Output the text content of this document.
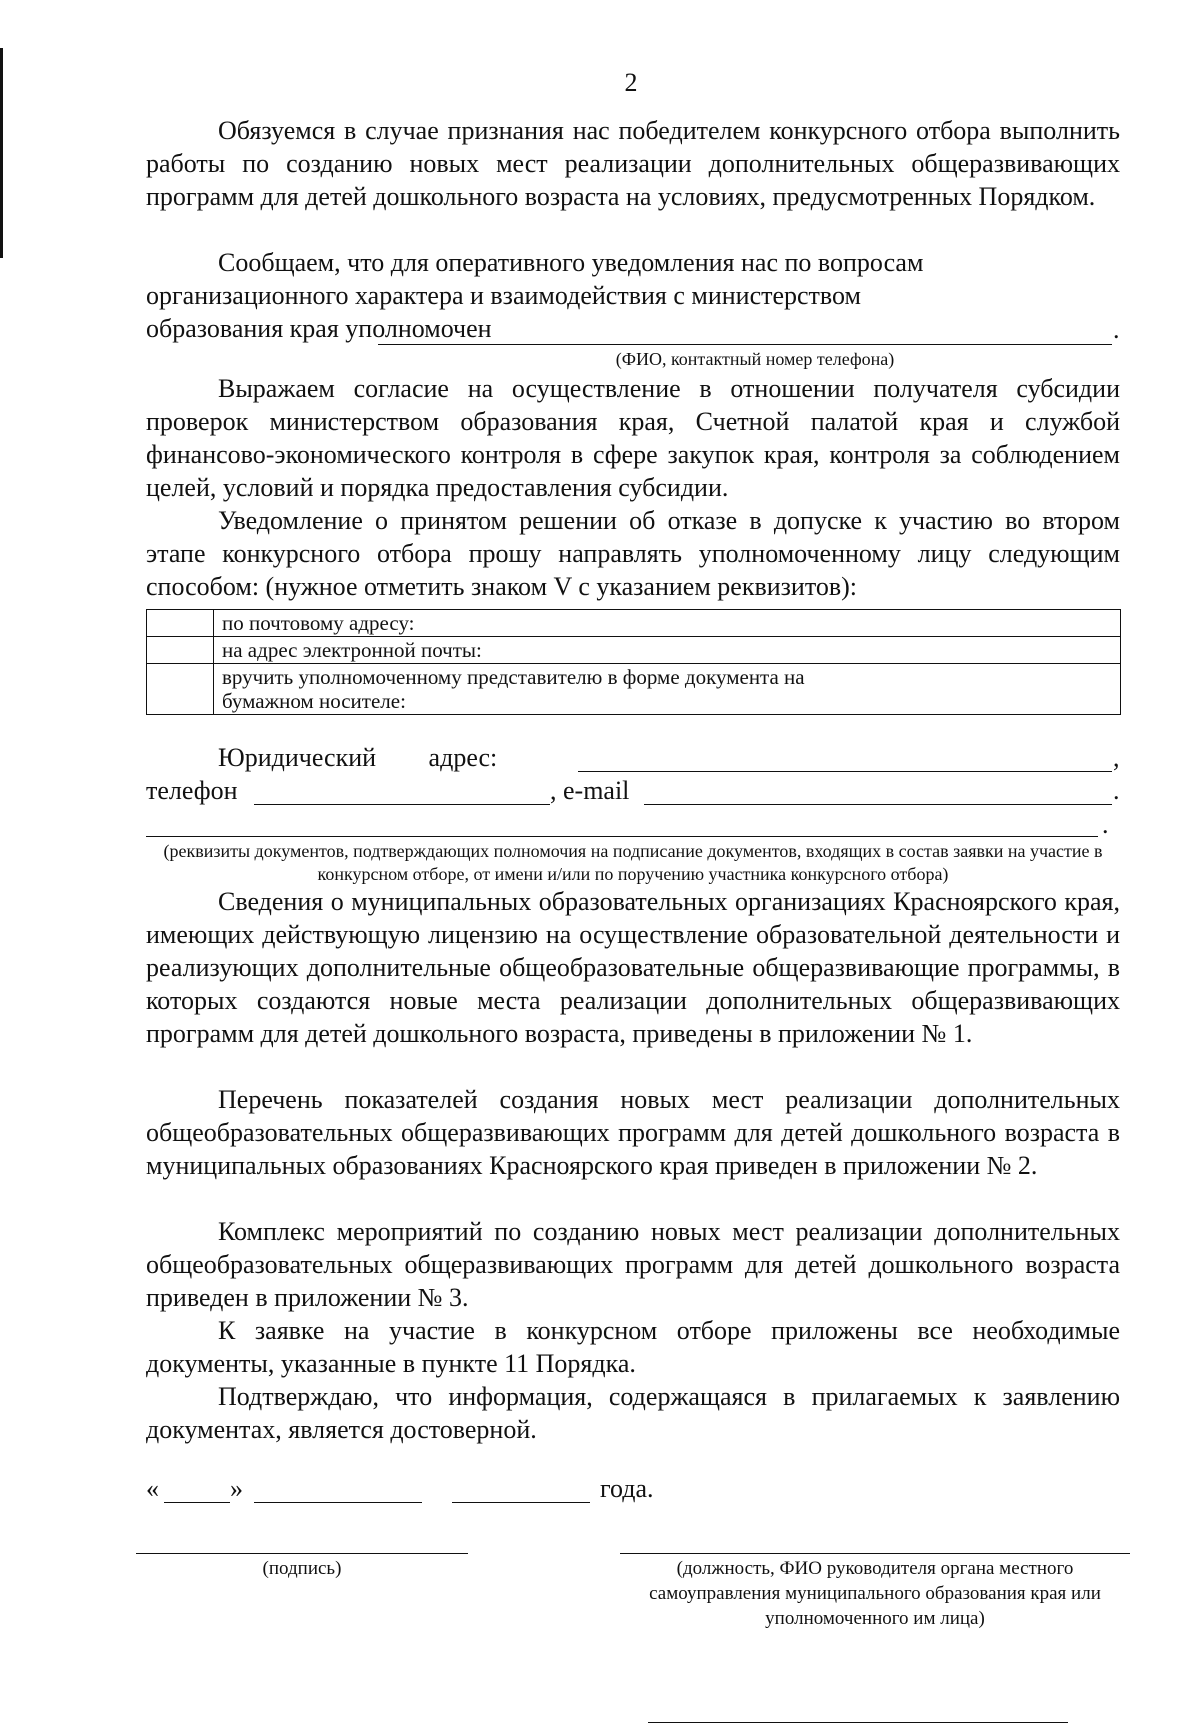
2
Обязуемся в случае признания нас победителем конкурсного отбора выполнить работы по созданию новых мест реализации дополнительных общеразвивающих программ для детей дошкольного возраста на условиях, предусмотренных Порядком.
Сообщаем, что для оперативного уведомления нас по вопросам организационного характера и взаимодействия с министерством образования края уполномочен	.
(ФИО, контактный номер телефона)
Выражаем согласие на осуществление в отношении получателя субсидии проверок министерством образования края, Счетной палатой края и службой финансово-экономического контроля в сфере закупок края, контроля за соблюдением целей, условий и порядка предоставления субсидии.
Уведомление о принятом решении об отказе в допуске к участию во втором этапе конкурсного отбора прошу направлять уполномоченному лицу следующим способом: (нужное отметить знаком V с указанием реквизитов):
	по почтовому адресу:
	на адрес электронной почты:
	вручить уполномоченному представителю в форме документа на бумажном носителе:
Юридический адрес:	,
телефон	, e-mail	.
.
(реквизиты документов, подтверждающих полномочия на подписание документов, входящих в состав заявки на участие в конкурсном отборе, от имени и/или по поручению участника конкурсного отбора)
Сведения о муниципальных образовательных организациях Красноярского края, имеющих действующую лицензию на осуществление образовательной деятельности и реализующих дополнительные общеобразовательные общеразвивающие программы, в которых создаются новые места реализации дополнительных общеразвивающих программ для детей дошкольного возраста, приведены в приложении № 1.
Перечень показателей создания новых мест реализации дополнительных общеобразовательных общеразвивающих программ для детей дошкольного возраста в муниципальных образованиях Красноярского края приведен в приложении № 2.
Комплекс мероприятий по созданию новых мест реализации дополнительных общеобразовательных общеразвивающих программ для детей дошкольного возраста приведен в приложении № 3.
К заявке на участие в конкурсном отборе приложены все необходимые документы, указанные в пункте 11 Порядка.
Подтверждаю, что информация, содержащаяся в прилагаемых к заявлению документах, является достоверной.
«	»	года.
(подпись)	(должность, ФИО руководителя органа местного самоуправления муниципального образования края или уполномоченного им лица)
